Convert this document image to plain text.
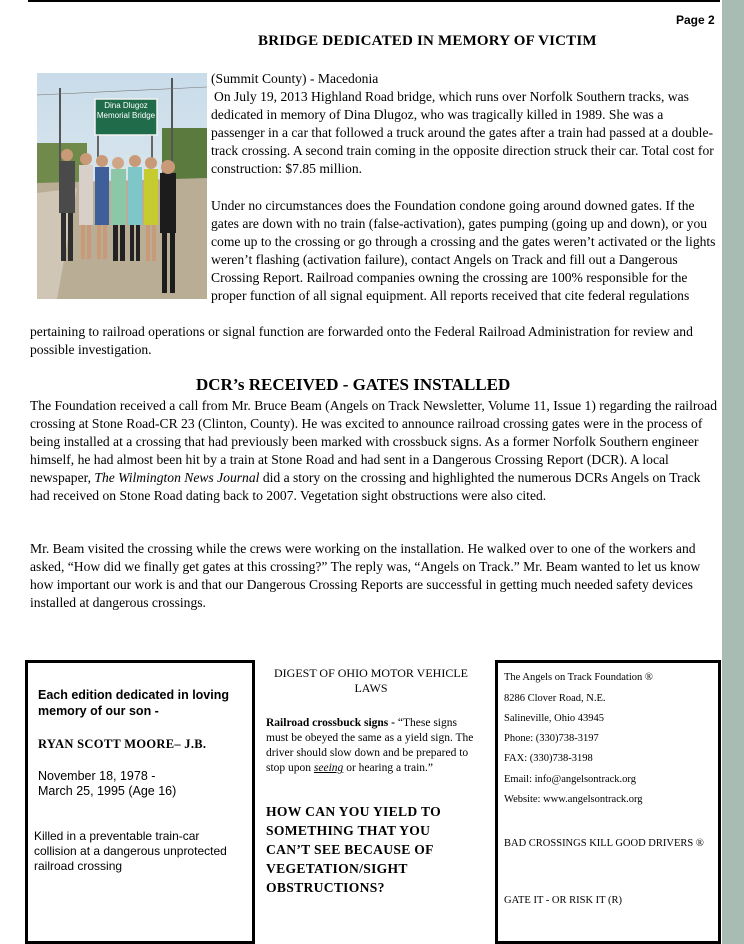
Page 2
BRIDGE DEDICATED IN MEMORY OF VICTIM
Dina Dlugoz Memorial Bridge

(Summit County) - Macedonia

On July 19, 2013 Highland Road bridge, which runs over Norfolk Southern tracks, was dedicated in memory of Dina Dlugoz, who was tragically killed in 1989. She was a passenger in a car that followed a truck around the gates after a train had passed at a double-track crossing. A second train coming in the opposite direction struck their car. Total cost for construction: $7.85 million.

Under no circumstances does the Foundation condone going around downed gates. If the gates are down with no train (false-activation), gates pumping (going up and down), or you come up to the crossing or go through a crossing and the gates weren’t activated or the lights weren’t flashing (activation failure), contact Angels on Track and fill out a Dangerous Crossing Report. Railroad companies owning the crossing are 100% responsible for the proper function of all signal equipment. All reports received that cite federal regulations
pertaining to railroad operations or signal function are forwarded onto the Federal Railroad Administration for review and possible investigation.
DCR’s RECEIVED - GATES INSTALLED
The Foundation received a call from Mr. Bruce Beam (Angels on Track Newsletter, Volume 11, Issue 1) regarding the railroad crossing at Stone Road-CR 23 (Clinton, County). He was excited to announce railroad crossing gates were in the process of being installed at a crossing that had previously been marked with crossbuck signs. As a former Norfolk Southern engineer himself, he had almost been hit by a train at Stone Road and had sent in a Dangerous Crossing Report (DCR). A local newspaper, The Wilmington News Journal did a story on the crossing and highlighted the numerous DCRs Angels on Track had received on Stone Road dating back to 2007. Vegetation sight obstructions were also cited.
Mr. Beam visited the crossing while the crews were working on the installation. He walked over to one of the workers and asked, “How did we finally get gates at this crossing?” The reply was, “Angels on Track.” Mr. Beam wanted to let us know how important our work is and that our Dangerous Crossing Reports are successful in getting much needed safety devices installed at dangerous crossings.
Each edition dedicated in loving memory of our son -
RYAN SCOTT MOORE– J.B.
November 18, 1978 -
March 25, 1995 (Age 16)
Killed in a preventable train-car collision at a dangerous unprotected railroad crossing
DIGEST OF OHIO MOTOR VEHICLE LAWS
Railroad crossbuck signs - “These signs must be obeyed the same as a yield sign. The driver should slow down and be prepared to stop upon seeing or hearing a train.”
HOW CAN YOU YIELD TO SOMETHING THAT YOU CAN’T SEE BECAUSE OF VEGETATION/SIGHT OBSTRUCTIONS?
The Angels on Track Foundation ®
8286 Clover Road, N.E.
Salineville, Ohio 43945
Phone: (330)738-3197
FAX: (330)738-3198
Email: info@angelsontrack.org
Website: www.angelsontrack.org
BAD CROSSINGS KILL GOOD DRIVERS ®
GATE IT - OR RISK IT (R)
